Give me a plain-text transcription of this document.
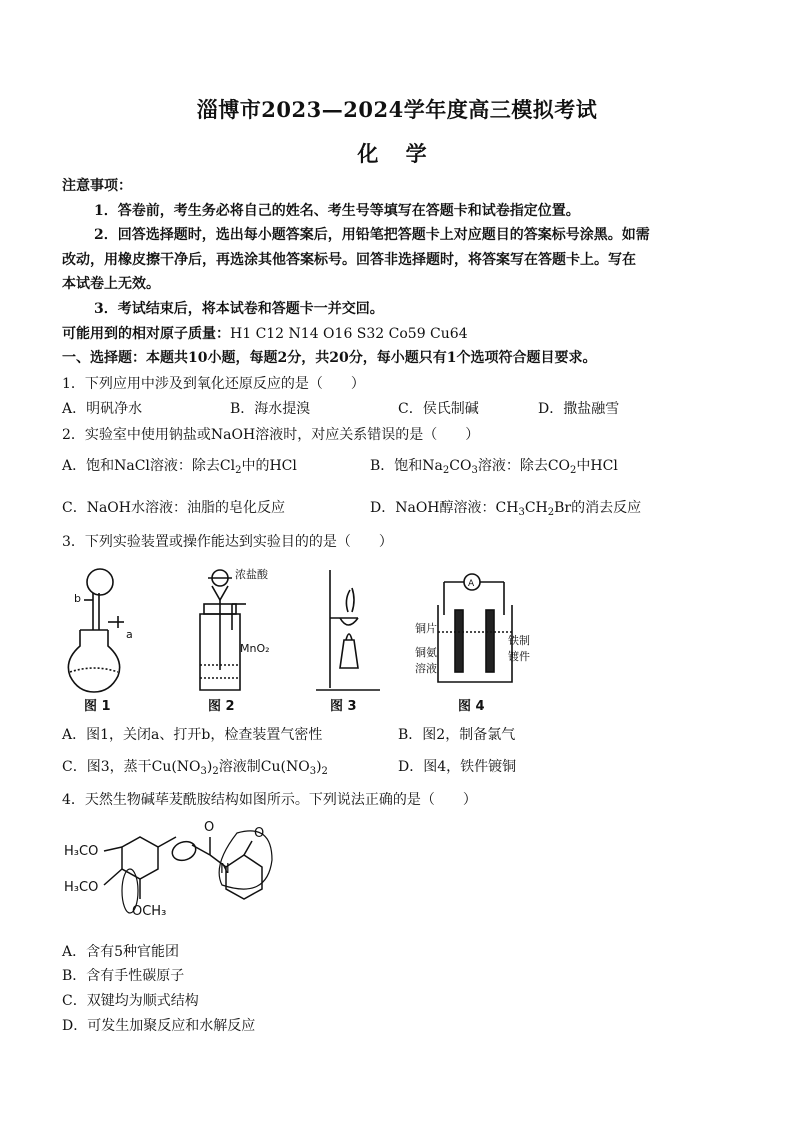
淄博市2023—2024学年度高三模拟考试
化 学
注意事项：
1．答卷前，考生务必将自己的姓名、考生号等填写在答题卡和试卷指定位置。
2．回答选择题时，选出每小题答案后，用铅笔把答题卡上对应题目的答案标号涂黑。如需
改动，用橡皮擦干净后，再选涂其他答案标号。回答非选择题时，将答案写在答题卡上。写在
本试卷上无效。
3．考试结束后，将本试卷和答题卡一并交回。
可能用到的相对原子质量：H1 C12 N14 O16 S32 Co59 Cu64
一、选择题：本题共10小题，每题2分，共20分，每小题只有1个选项符合题目要求。
1．下列应用中涉及到氧化还原反应的是（　　）
A．明矾净水	B．海水提溴	C．侯氏制碱	D．撒盐融雪
2．实验室中使用钠盐或NaOH溶液时，对应关系错误的是（　　）
A．饱和NaCl溶液：除去$Cl_2$中的HCl	B．饱和$Na_2CO_3$溶液：除去$CO_2$中HCl
C．NaOH水溶液：油脂的皂化反应	D．NaOH醇溶液：$CH_3CH_2Br$的消去反应
3．下列实验装置或操作能达到实验目的的是（　　）
b
a
浓盐酸
MnO₂
A
铜片
铜氨
溶液
铁制
镀件
图 1	图 2	图 3	图 4
A．图1，关闭a、打开b，检查装置气密性	B．图2，制备氯气
C．图3，蒸干$Cu(NO_3)_2$溶液制$Cu(NO_3)_2$	D．图4，铁件镀铜
4．天然生物碱荜茇酰胺结构如图所示。下列说法正确的是（　　）
H₃CO
H₃CO
OCH₃
O	O
N
A．含有5种官能团
B．含有手性碳原子
C．双键均为顺式结构
D．可发生加聚反应和水解反应
